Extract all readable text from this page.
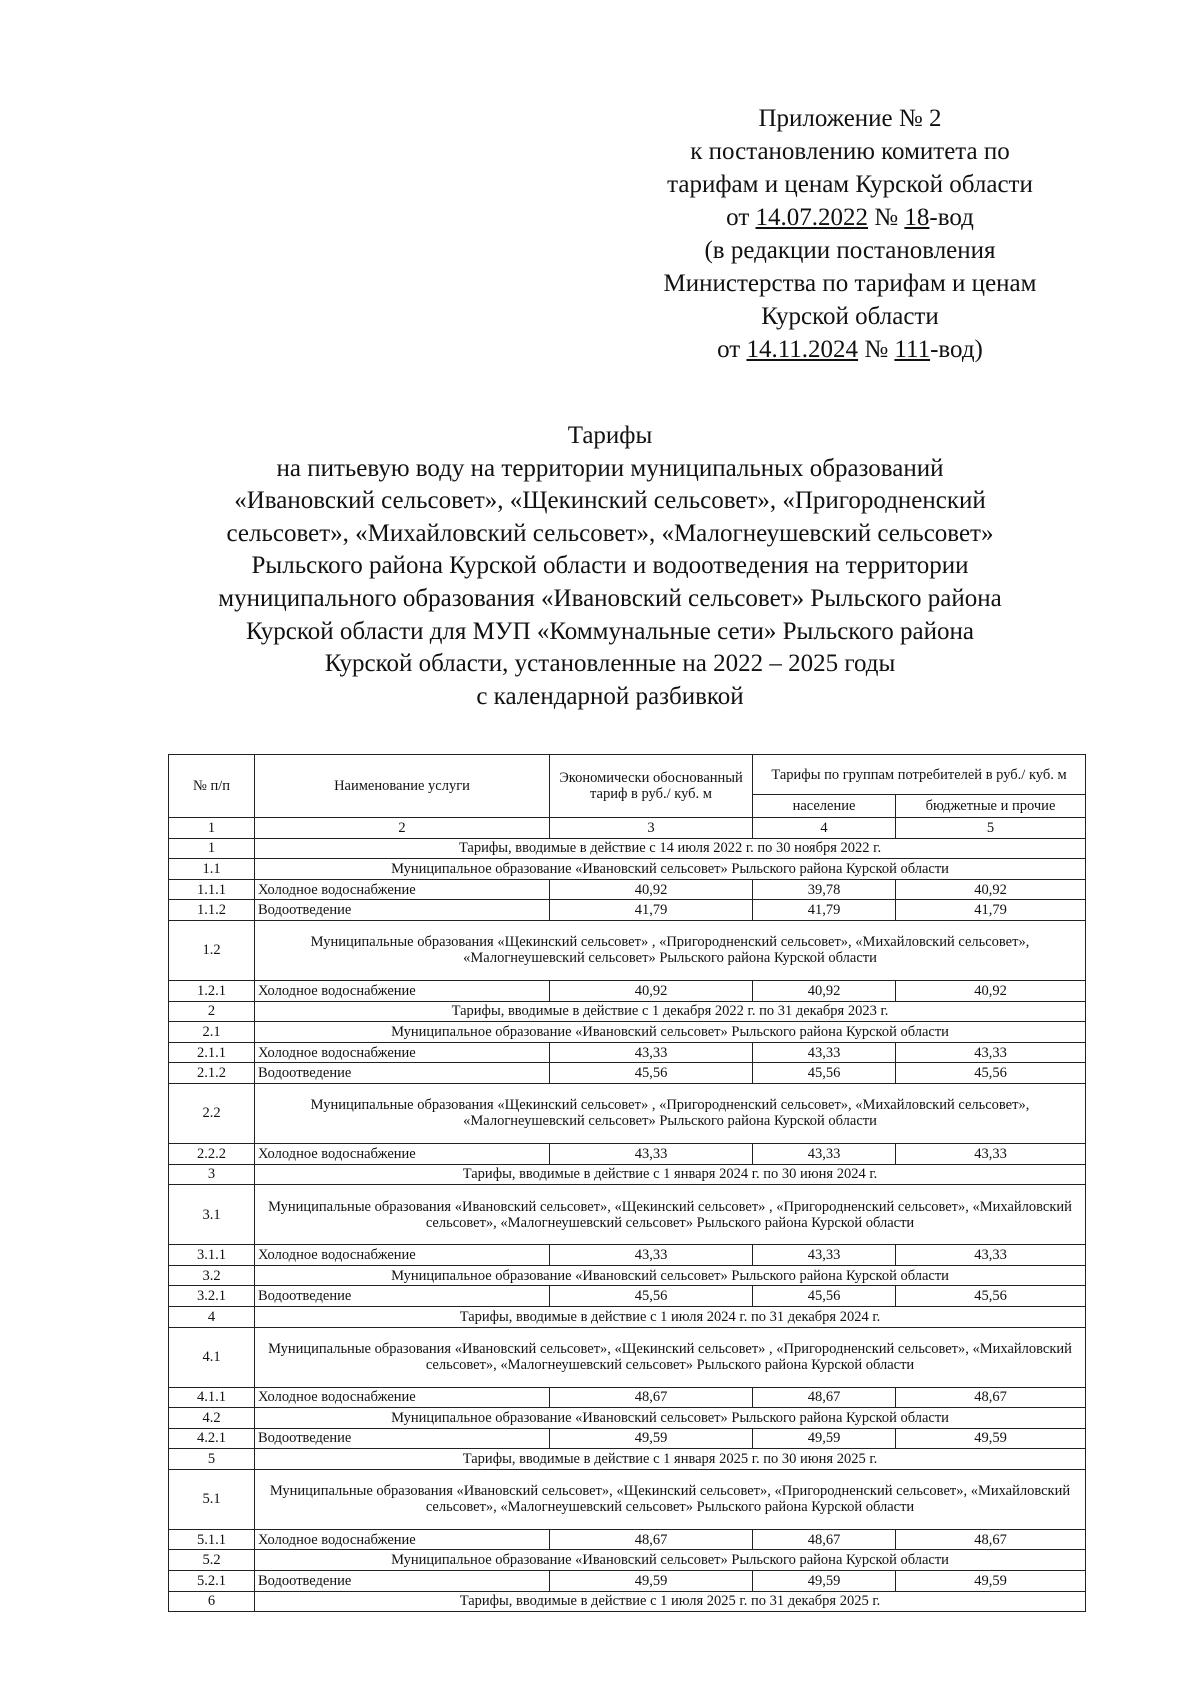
Приложение № 2
к постановлению комитета по
тарифам и ценам Курской области
от 14.07.2022 № 18-вод
(в редакции постановления
Министерства по тарифам и ценам
Курской области
от 14.11.2024 № 111-вод)
Тарифы
на питьевую воду на территории муниципальных образований
«Ивановский сельсовет», «Щекинский сельсовет», «Пригородненский
сельсовет», «Михайловский сельсовет», «Малогнеушевский сельсовет»
Рыльского района Курской области и водоотведения на территории
муниципального образования «Ивановский сельсовет» Рыльского района
Курской области для МУП «Коммунальные сети» Рыльского района
Курской области, установленные на 2022 – 2025 годы
с календарной разбивкой
№ п/п	Наименование услуги	Экономически обоснованный тариф в руб./ куб. м	Тарифы по группам потребителей в руб./ куб. м	
			население	бюджетные и прочие
1	2	3	4	5
1	Тарифы, вводимые в действие с 14 июля 2022 г. по 30 ноября 2022 г.			
1.1	Муниципальное образование «Ивановский сельсовет» Рыльского района Курской области			
1.1.1	Холодное водоснабжение	40,92	39,78	40,92
1.1.2	Водоотведение	41,79	41,79	41,79
1.2	Муниципальные образования «Щекинский сельсовет» , «Пригородненский сельсовет», «Михайловский сельсовет», «Малогнеушевский сельсовет» Рыльского района Курской области			
1.2.1	Холодное водоснабжение	40,92	40,92	40,92
2	Тарифы, вводимые в действие с 1 декабря 2022 г. по 31 декабря 2023 г.			
2.1	Муниципальное образование «Ивановский сельсовет» Рыльского района Курской области			
2.1.1	Холодное водоснабжение	43,33	43,33	43,33
2.1.2	Водоотведение	45,56	45,56	45,56
2.2	Муниципальные образования «Щекинский сельсовет» , «Пригородненский сельсовет», «Михайловский сельсовет», «Малогнеушевский сельсовет» Рыльского района Курской области			
2.2.2	Холодное водоснабжение	43,33	43,33	43,33
3	Тарифы, вводимые в действие с 1 января 2024 г. по 30 июня 2024 г.			
3.1	Муниципальные образования «Ивановский сельсовет», «Щекинский сельсовет» , «Пригородненский сельсовет», «Михайловский сельсовет», «Малогнеушевский сельсовет» Рыльского района Курской области			
3.1.1	Холодное водоснабжение	43,33	43,33	43,33
3.2	Муниципальное образование «Ивановский сельсовет» Рыльского района Курской области			
3.2.1	Водоотведение	45,56	45,56	45,56
4	Тарифы, вводимые в действие с 1 июля 2024 г. по 31 декабря 2024 г.			
4.1	Муниципальные образования «Ивановский сельсовет», «Щекинский сельсовет» , «Пригородненский сельсовет», «Михайловский сельсовет», «Малогнеушевский сельсовет» Рыльского района Курской области			
4.1.1	Холодное водоснабжение	48,67	48,67	48,67
4.2	Муниципальное образование «Ивановский сельсовет» Рыльского района Курской области			
4.2.1	Водоотведение	49,59	49,59	49,59
5	Тарифы, вводимые в действие с 1 января 2025 г. по 30 июня 2025 г.			
5.1	Муниципальные образования «Ивановский сельсовет», «Щекинский сельсовет», «Пригородненский сельсовет», «Михайловский сельсовет», «Малогнеушевский сельсовет» Рыльского района Курской области			
5.1.1	Холодное водоснабжение	48,67	48,67	48,67
5.2	Муниципальное образование «Ивановский сельсовет» Рыльского района Курской области			
5.2.1	Водоотведение	49,59	49,59	49,59
6	Тарифы, вводимые в действие с 1 июля 2025 г. по 31 декабря 2025 г.			
